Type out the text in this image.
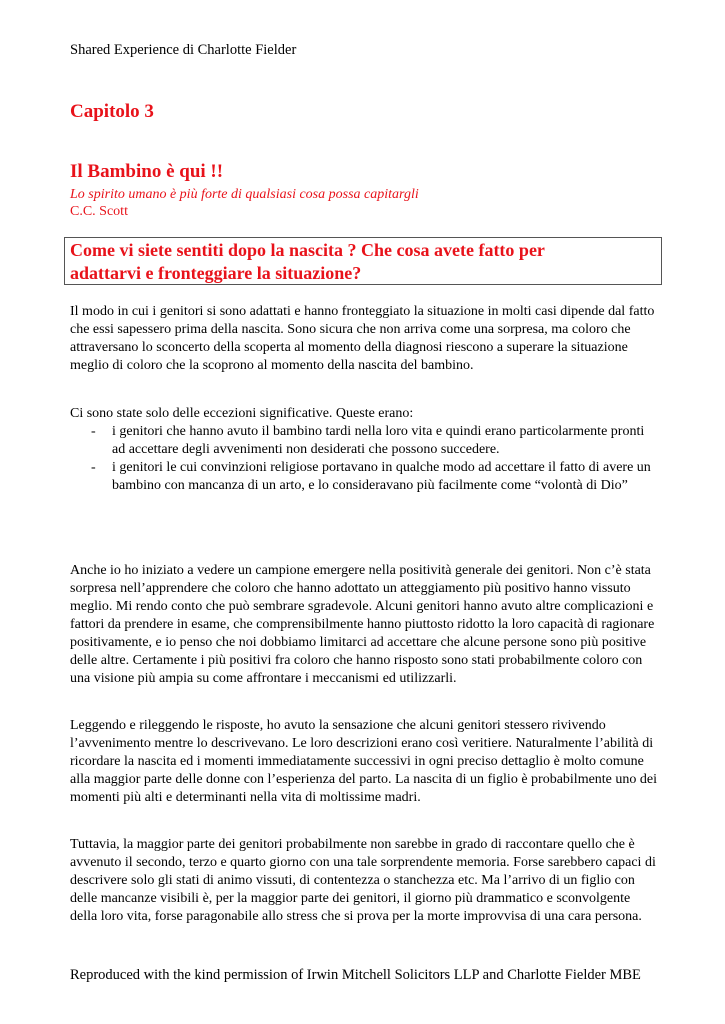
Shared Experience di Charlotte Fielder
Capitolo 3
Il Bambino è qui !!
Lo spirito umano è più forte di qualsiasi cosa possa capitargli
C.C. Scott
Come vi siete sentiti dopo la nascita ? Che cosa avete fatto per
adattarvi e fronteggiare la situazione?
Il modo in cui i genitori si sono adattati e hanno fronteggiato la situazione in molti casi dipende dal fatto che essi sapessero prima della nascita. Sono sicura che non arriva come una sorpresa, ma coloro che attraversano lo sconcerto della scoperta al momento della diagnosi riescono a superare la situazione meglio di coloro che la scoprono al momento della nascita del bambino.
Ci sono state solo delle eccezioni significative. Queste erano:
- i genitori che hanno avuto il bambino tardi nella loro vita e quindi erano particolarmente pronti ad accettare degli avvenimenti non desiderati che possono succedere.
- i genitori le cui convinzioni religiose portavano in qualche modo ad accettare il fatto di avere un bambino con mancanza di un arto, e lo consideravano più facilmente come “volontà di Dio”
Anche io ho iniziato a vedere un campione emergere nella positività generale dei genitori. Non c’è stata sorpresa nell’apprendere che coloro che hanno adottato un atteggiamento più positivo hanno vissuto meglio. Mi rendo conto che può sembrare sgradevole. Alcuni genitori hanno avuto altre complicazioni e fattori da prendere in esame, che comprensibilmente hanno piuttosto ridotto la loro capacità di ragionare positivamente, e io penso che noi dobbiamo limitarci ad accettare che alcune persone sono più positive delle altre. Certamente i più positivi fra coloro che hanno risposto sono stati probabilmente coloro con una visione più ampia su come affrontare i meccanismi ed utilizzarli.
Leggendo e rileggendo le risposte, ho avuto la sensazione che alcuni genitori stessero rivivendo l’avvenimento mentre lo descrivevano. Le loro descrizioni erano così veritiere. Naturalmente l’abilità di ricordare la nascita ed i momenti immediatamente successivi in ogni preciso dettaglio è molto comune alla maggior parte delle donne con l’esperienza del parto. La nascita di un figlio è probabilmente uno dei momenti più alti e determinanti nella vita di moltissime madri.
Tuttavia, la maggior parte dei genitori probabilmente non sarebbe in grado di raccontare quello che è avvenuto il secondo, terzo e quarto giorno con una tale sorprendente memoria. Forse sarebbero capaci di descrivere solo gli stati di animo vissuti, di contentezza o stanchezza etc. Ma l’arrivo di un figlio con delle mancanze visibili è, per la maggior parte dei genitori, il giorno più drammatico e sconvolgente della loro vita, forse paragonabile allo stress che si prova per la morte improvvisa di una cara persona.
Reproduced with the kind permission of Irwin Mitchell Solicitors LLP and Charlotte Fielder MBE
